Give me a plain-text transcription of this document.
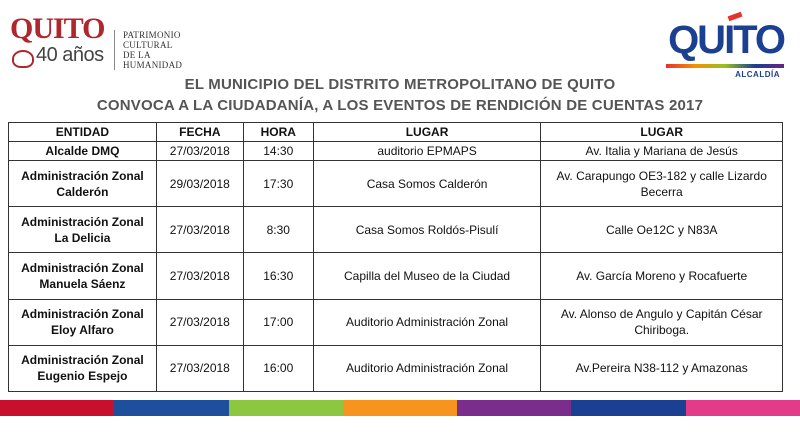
QUITO
40 años
PATRIMONIO
CULTURAL
DE LA HUMANIDAD
QUITO
ALCALDÍA
EL MUNICIPIO DEL DISTRITO METROPOLITANO DE QUITO
CONVOCA A LA CIUDADANÍA, A LOS EVENTOS DE RENDICIÓN DE CUENTAS 2017
ENTIDAD	FECHA	HORA	LUGAR	LUGAR
Alcalde DMQ	27/03/2018	14:30	auditorio EPMAPS	Av. Italia y Mariana de Jesús
Administración Zonal Calderón	29/03/2018	17:30	Casa Somos Calderón	Av. Carapungo OE3-182 y calle Lizardo Becerra
Administración Zonal La Delicia	27/03/2018	8:30	Casa Somos Roldós-Pisulí	Calle Oe12C y N83A
Administración Zonal Manuela Sáenz	27/03/2018	16:30	Capilla del Museo de la Ciudad	Av. García Moreno y Rocafuerte
Administración Zonal Eloy Alfaro	27/03/2018	17:00	Auditorio Administración Zonal	Av. Alonso de Angulo y Capitán César Chiriboga.
Administración Zonal Eugenio Espejo	27/03/2018	16:00	Auditorio Administración Zonal	Av.Pereira N38-112 y Amazonas
